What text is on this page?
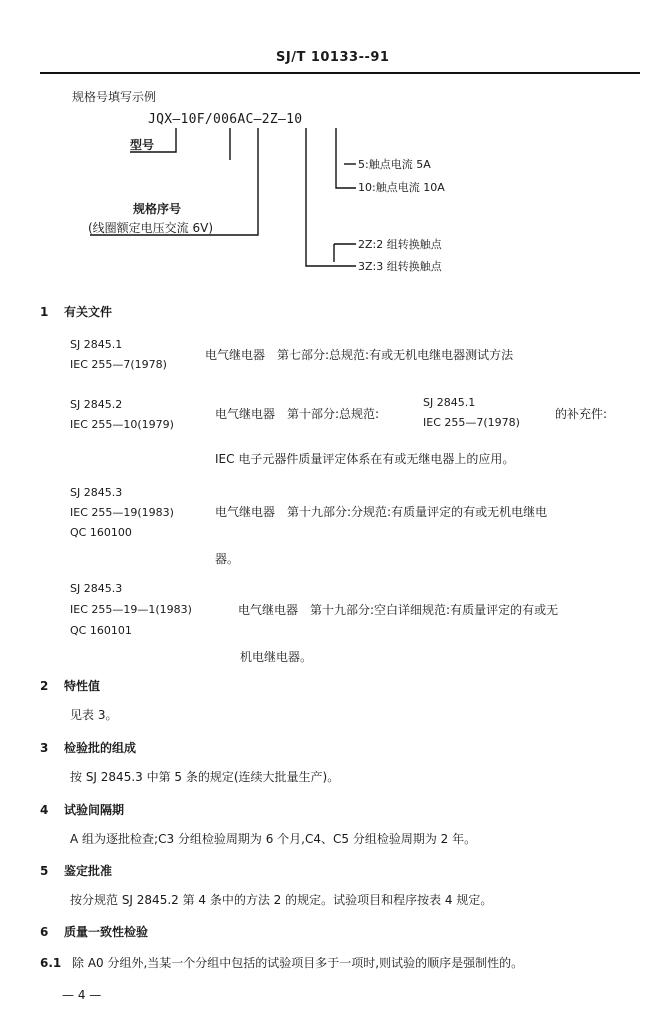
SJ/T 10133--91
规格号填写示例
JQX—10F/006AC—2Z—10
型号
规格序号
(线圈额定电压交流 6V)
5:触点电流 5A
10:触点电流 10A
2Z:2 组转换触点
3Z:3 组转换触点
1 有关文件
SJ 2845.1
IEC 255—7(1978)
电气继电器　第七部分:总规范:有或无机电继电器测试方法
SJ 2845.2
IEC 255—10(1979)
电气继电器　第十部分:总规范:
SJ 2845.1
IEC 255—7(1978)
的补充件:
IEC 电子元器件质量评定体系在有或无继电器上的应用。
SJ 2845.3
IEC 255—19(1983)
QC 160100
电气继电器　第十九部分:分规范:有质量评定的有或无机电继电
器。
SJ 2845.3
IEC 255—19—1(1983)
QC 160101
电气继电器　第十九部分:空白详细规范:有质量评定的有或无
机电继电器。
2 特性值
见表 3。
3 检验批的组成
按 SJ 2845.3 中第 5 条的规定(连续大批量生产)。
4 试验间隔期
A 组为逐批检查;C3 分组检验周期为 6 个月,C4、C5 分组检验周期为 2 年。
5 鉴定批准
按分规范 SJ 2845.2 第 4 条中的方法 2 的规定。试验项目和程序按表 4 规定。
6 质量一致性检验
6.1 除 A0 分组外,当某一个分组中包括的试验项目多于一项时,则试验的顺序是强制性的。
— 4 —
